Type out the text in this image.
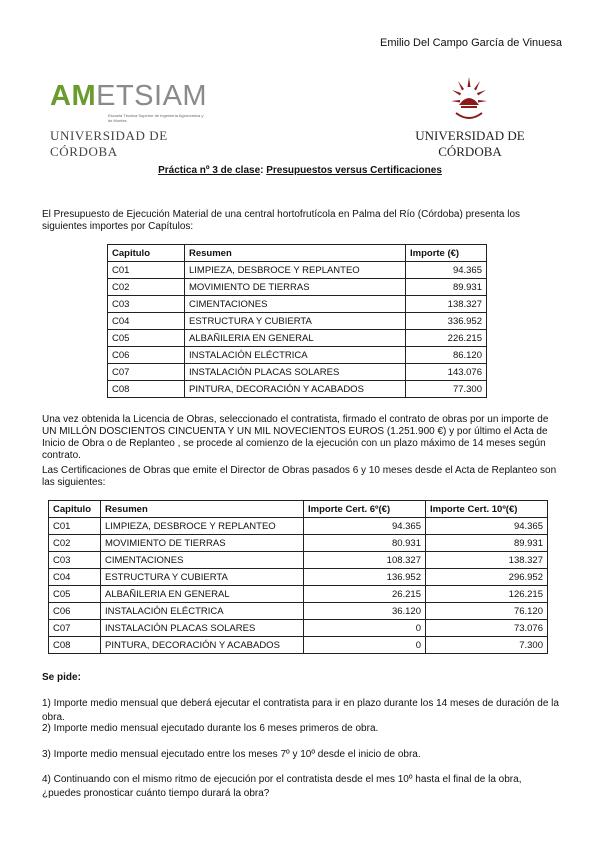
Emilio Del Campo García de Vinuesa
AMETSIAM
Escuela Técnica Superior de Ingeniería Agronómica y de Montes
UNIVERSIDAD DE CÓRDOBA
UNIVERSIDAD DE CÓRDOBA
Práctica nº 3 de clase: Presupuestos versus Certificaciones
El Presupuesto de Ejecución Material de una central hortofrutícola en Palma del Río (Córdoba) presenta los siguientes importes por Capítulos:
Capitulo	Resumen	Importe (€)
C01	LIMPIEZA, DESBROCE Y REPLANTEO	94.365
C02	MOVIMIENTO DE TIERRAS	89.931
C03	CIMENTACIONES	138.327
C04	ESTRUCTURA Y CUBIERTA	336.952
C05	ALBAÑILERIA EN GENERAL	226.215
C06	INSTALACIÓN ELÉCTRICA	86.120
C07	INSTALACIÓN PLACAS SOLARES	143.076
C08	PINTURA, DECORACIÓN Y ACABADOS	77.300
Una vez obtenida la Licencia de Obras, seleccionado el contratista, firmado el contrato de obras por un importe de UN MILLÓN DOSCIENTOS CINCUENTA Y UN MIL NOVECIENTOS EUROS (1.251.900 €) y por último el Acta de Inicio de Obra o de Replanteo , se procede al comienzo de la ejecución con un plazo máximo de 14 meses según contrato.
Las Certificaciones de Obras que emite el Director de Obras pasados 6 y 10 meses desde el Acta de Replanteo son las siguientes:
Capitulo	Resumen	Importe Cert. 6º(€)	Importe Cert. 10º(€)
C01	LIMPIEZA, DESBROCE Y REPLANTEO	94.365	94.365
C02	MOVIMIENTO DE TIERRAS	80.931	89.931
C03	CIMENTACIONES	108.327	138.327
C04	ESTRUCTURA Y CUBIERTA	136.952	296.952
C05	ALBAÑILERIA EN GENERAL	26.215	126.215
C06	INSTALACIÓN ELÉCTRICA	36.120	76.120
C07	INSTALACIÓN PLACAS SOLARES	0	73.076
C08	PINTURA, DECORACIÓN Y ACABADOS	0	7.300
Se pide:
1) Importe medio mensual que deberá ejecutar el contratista para ir en plazo durante los 14 meses de duración de la obra.
2) Importe medio mensual ejecutado durante los 6 meses primeros de obra.
3) Importe medio mensual ejecutado entre los meses 7º y 10º desde el inicio de obra.
4) Continuando con el mismo ritmo de ejecución por el contratista desde el mes 10º hasta el final de la obra, ¿puedes pronosticar cuánto tiempo durará la obra?
